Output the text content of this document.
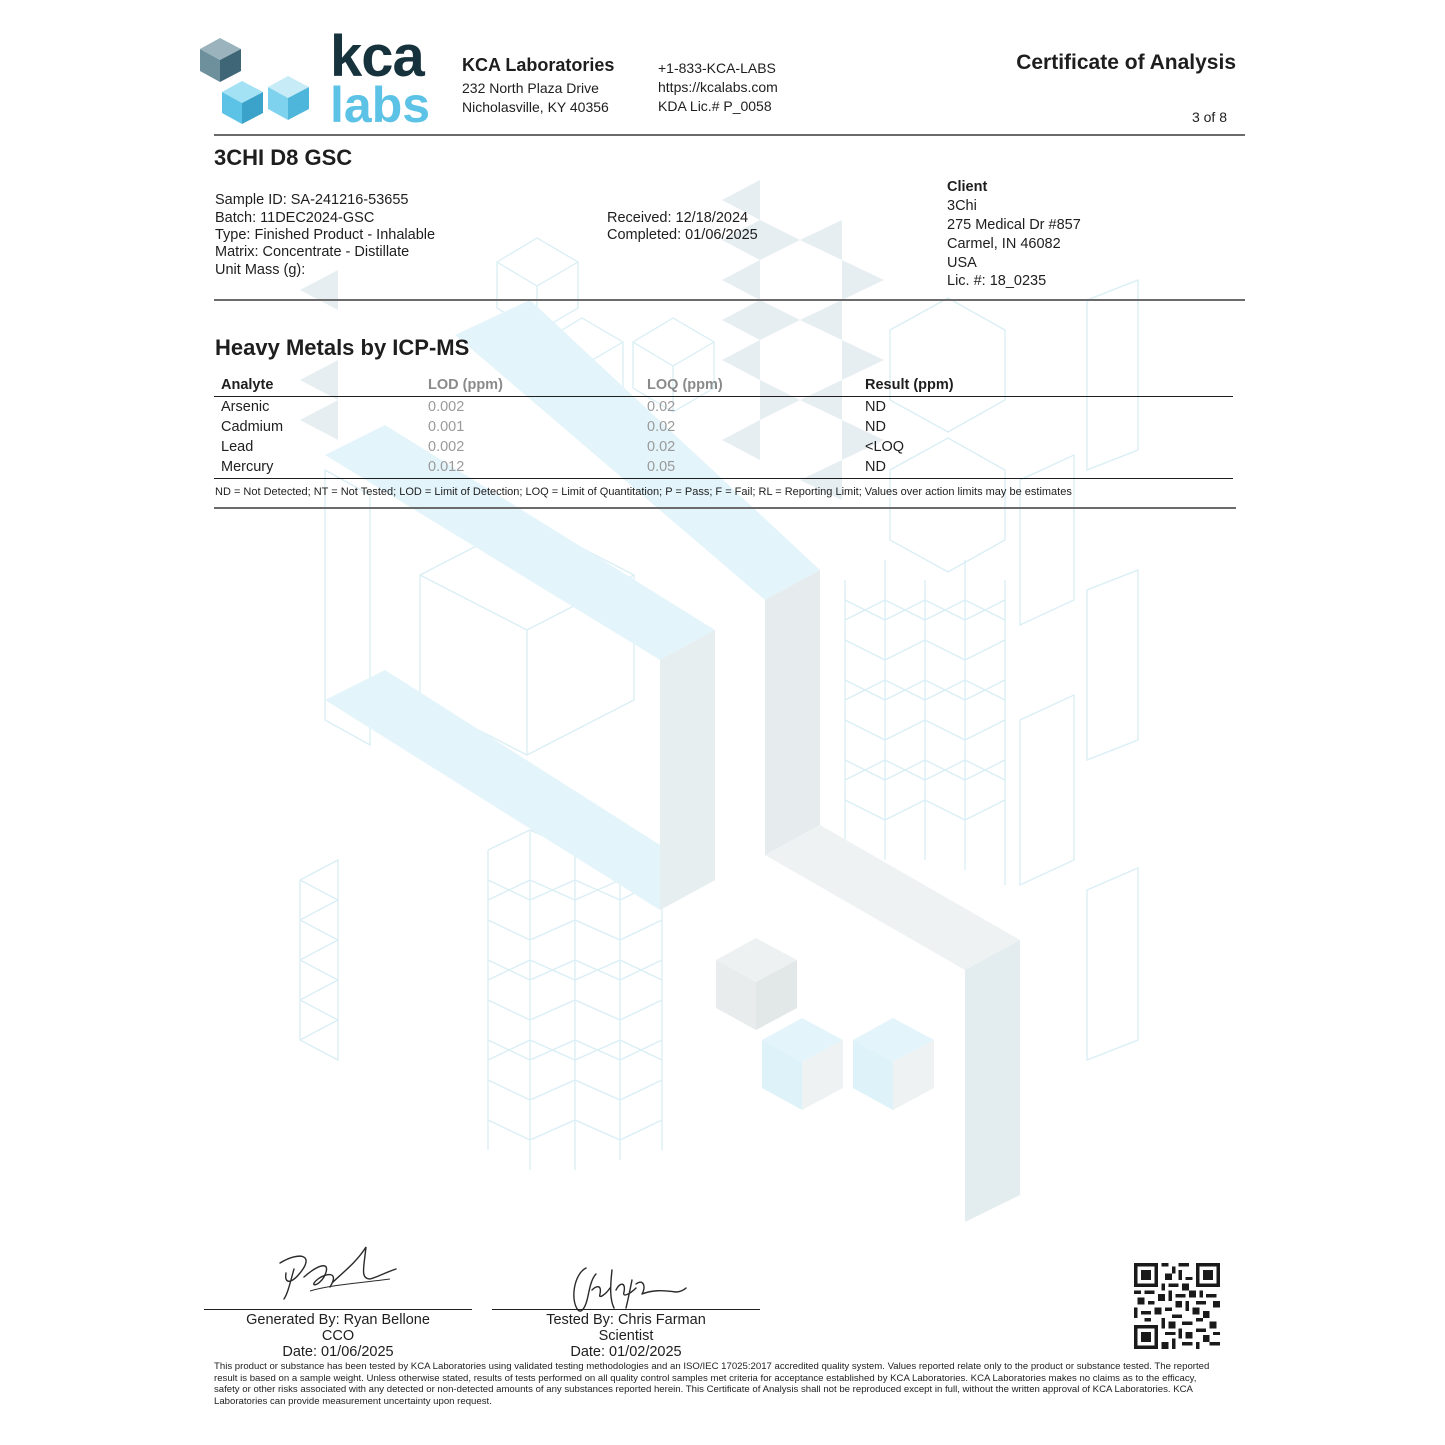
kca
labs
KCA Laboratories
232 North Plaza Drive
Nicholasville, KY 40356
+1-833-KCA-LABS
https://kcalabs.com
KDA Lic.# P_0058
Certificate of Analysis
3 of 8
3CHI D8 GSC
Sample ID: SA-241216-53655
Batch: 11DEC2024-GSC
Type: Finished Product - Inhalable
Matrix: Concentrate - Distillate
Unit Mass (g):
Received: 12/18/2024
Completed: 01/06/2025
Client
3Chi
275 Medical Dr #857
Carmel, IN 46082
USA
Lic. #: 18_0235
Heavy Metals by ICP-MS
Analyte	LOD (ppm)	LOQ (ppm)	Result (ppm)
Arsenic	0.002	0.02	ND
Cadmium	0.001	0.02	ND
Lead	0.002	0.02	<LOQ
Mercury	0.012	0.05	ND
ND = Not Detected; NT = Not Tested; LOD = Limit of Detection; LOQ = Limit of Quantitation; P = Pass; F = Fail; RL = Reporting Limit; Values over action limits may be estimates
Generated By: Ryan Bellone
CCO
Date: 01/06/2025
Tested By: Chris Farman
Scientist
Date: 01/02/2025
This product or substance has been tested by KCA Laboratories using validated testing methodologies and an ISO/IEC 17025:2017 accredited quality system. Values reported relate only to the product or substance tested. The reported result is based on a sample weight. Unless otherwise stated, results of tests performed on all quality control samples met criteria for acceptance established by KCA Laboratories. KCA Laboratories makes no claims as to the efficacy, safety or other risks associated with any detected or non-detected amounts of any substances reported herein. This Certificate of Analysis shall not be reproduced except in full, without the written approval of KCA Laboratories. KCA Laboratories can provide measurement uncertainty upon request.
